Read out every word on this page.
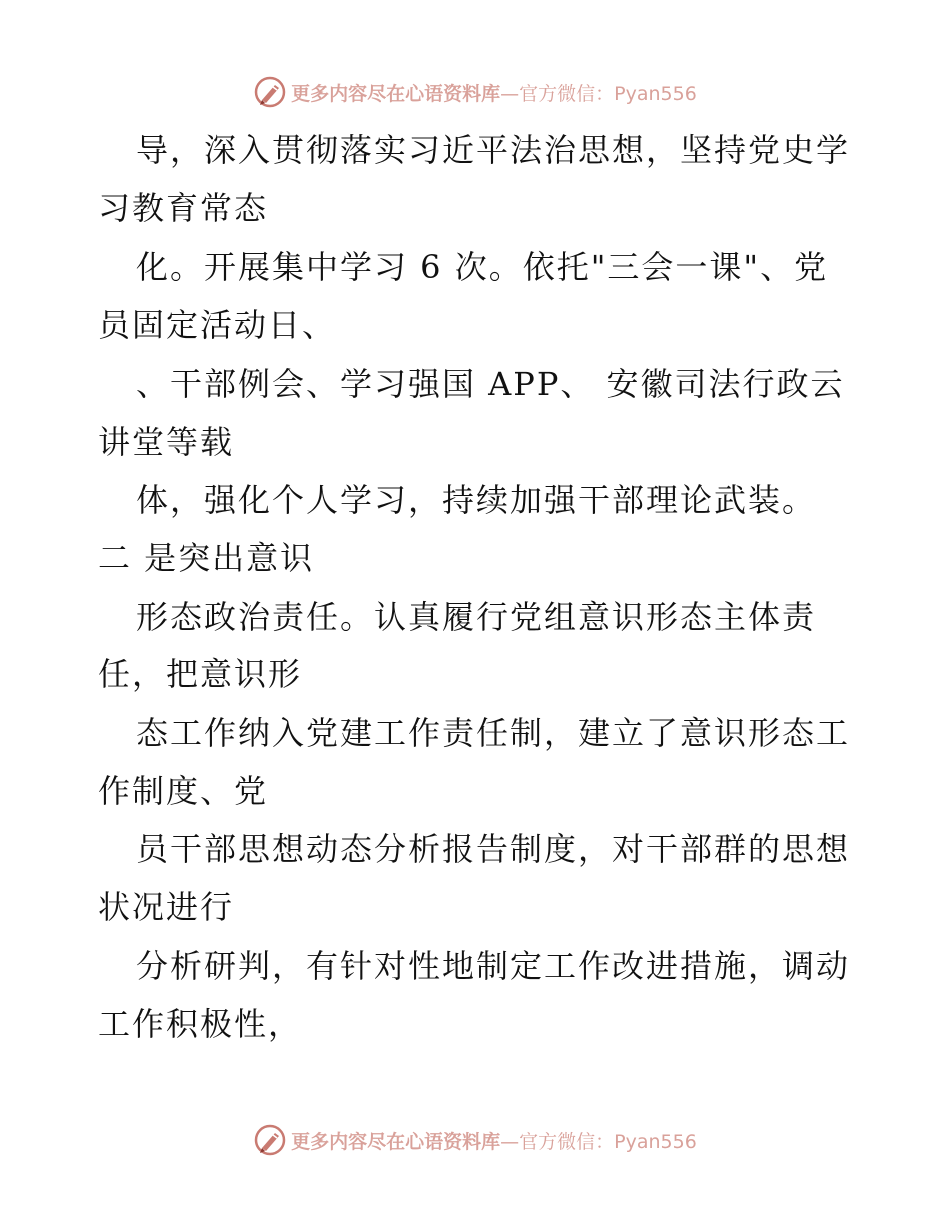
更多内容尽在心语资料库 —官方微信：Pyan556
导，深入贯彻落实习近平法治思想，坚持党史学
习教育常态
化。开展集中学习 6 次。依托"三会一课"、党
员固定活动日、
、干部例会、学习强国 APP、 安徽司法行政云
讲堂等载
体，强化个人学习，持续加强干部理论武装。
二 是突出意识
形态政治责任。认真履行党组意识形态主体责
任，把意识形
态工作纳入党建工作责任制，建立了意识形态工
作制度、党
员干部思想动态分析报告制度，对干部群的思想
状况进行
分析研判，有针对性地制定工作改进措施，调动
工作积极性，
更多内容尽在心语资料库 —官方微信：Pyan556
